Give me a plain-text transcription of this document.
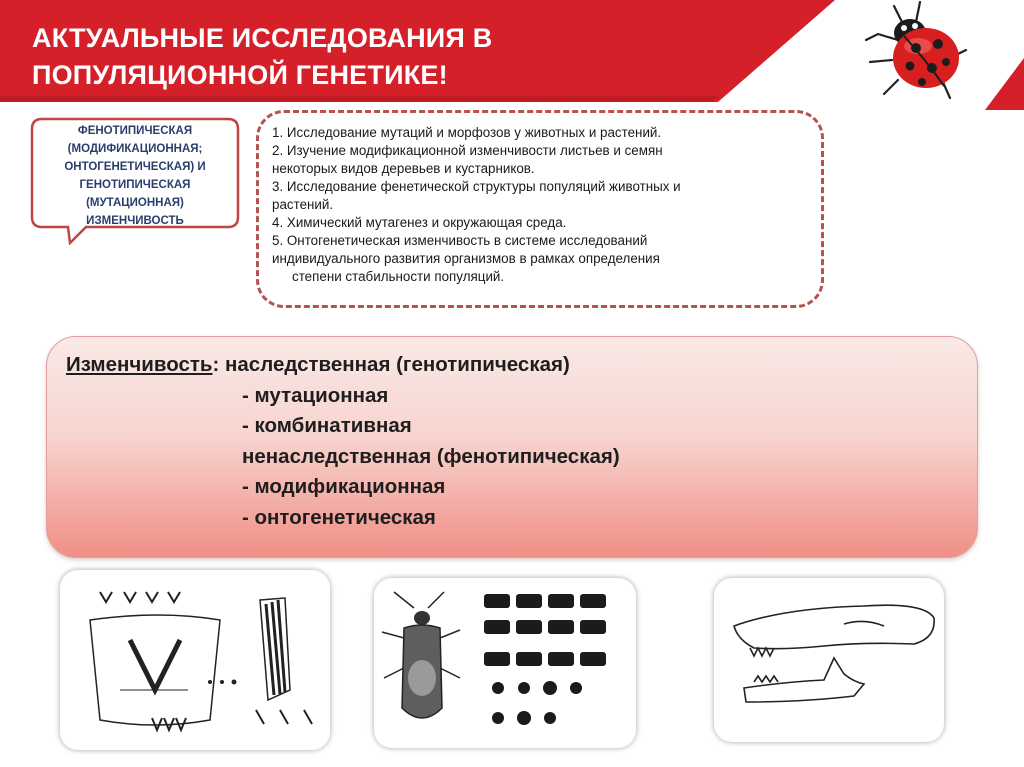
АКТУАЛЬНЫЕ ИССЛЕДОВАНИЯ В
ПОПУЛЯЦИОННОЙ ГЕНЕТИКЕ!
ФЕНОТИПИЧЕСКАЯ
(МОДИФИКАЦИОННАЯ;
ОНТОГЕНЕТИЧЕСКАЯ) И
ГЕНОТИПИЧЕСКАЯ
(МУТАЦИОННАЯ)
ИЗМЕНЧИВОСТЬ
1. Исследование мутаций и морфозов у животных и растений.
2. Изучение модификационной изменчивости листьев и семян
некоторых видов деревьев и кустарников.
3. Исследование фенетической структуры популяций животных и
растений.
4. Химический мутагенез и окружающая среда.
5. Онтогенетическая изменчивость в системе исследований
индивидуального развития организмов в рамках определения
степени стабильности популяций.
Изменчивость: наследственная (генотипическая)
- мутационная
- комбинативная
ненаследственная (фенотипическая)
- модификационная
- онтогенетическая
